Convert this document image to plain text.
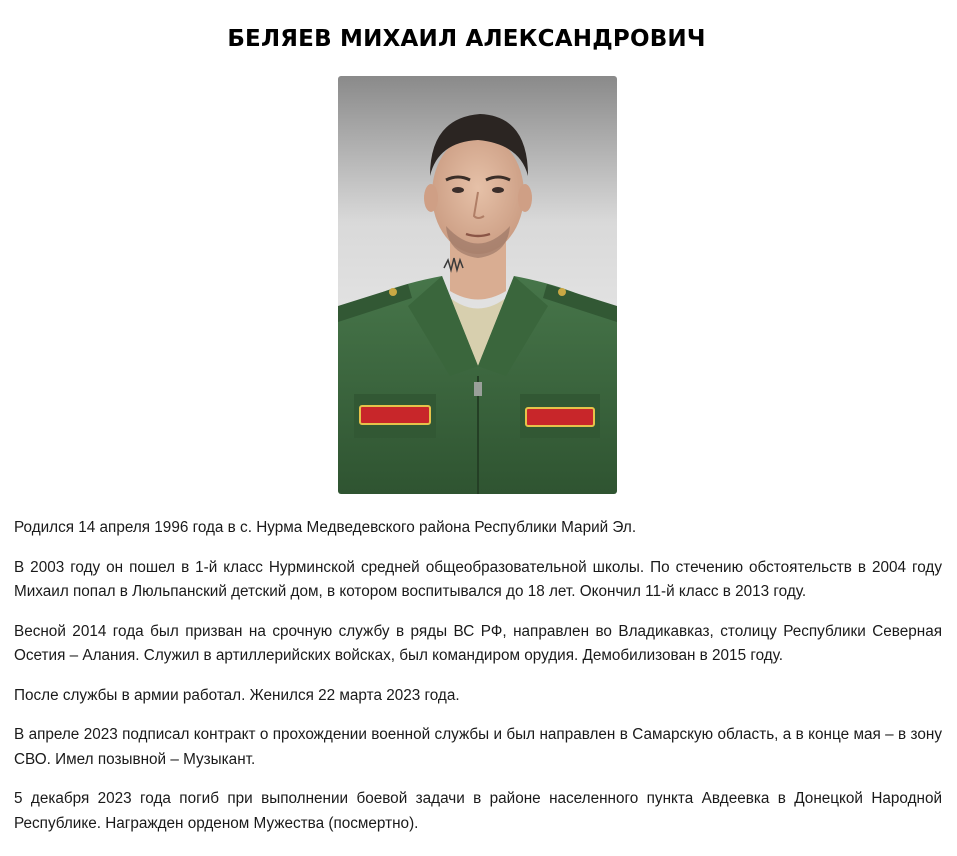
БЕЛЯЕВ МИХАИЛ АЛЕКСАНДРОВИЧ

Родился 14 апреля 1996 года в с. Нурма Медведевского района Республики Марий Эл.

В 2003 году он пошел в 1-й класс Нурминской средней общеобразовательной школы. По стечению обстоятельств в 2004 году Михаил попал в Люльпанский детский дом, в котором воспитывался до 18 лет. Окончил 11-й класс в 2013 году.

Весной 2014 года был призван на срочную службу в ряды ВС РФ, направлен во Владикавказ, столицу Республики Северная Осетия – Алания. Служил в артиллерийских войсках, был командиром орудия. Демобилизован в 2015 году.

После службы в армии работал. Женился 22 марта 2023 года.

В апреле 2023 подписал контракт о прохождении военной службы и был направлен в Самарскую область, а в конце мая – в зону СВО. Имел позывной – Музыкант.

5 декабря 2023 года погиб при выполнении боевой задачи в районе населенного пункта Авдеевка в Донецкой Народной Республике. Награжден орденом Мужества (посмертно).
